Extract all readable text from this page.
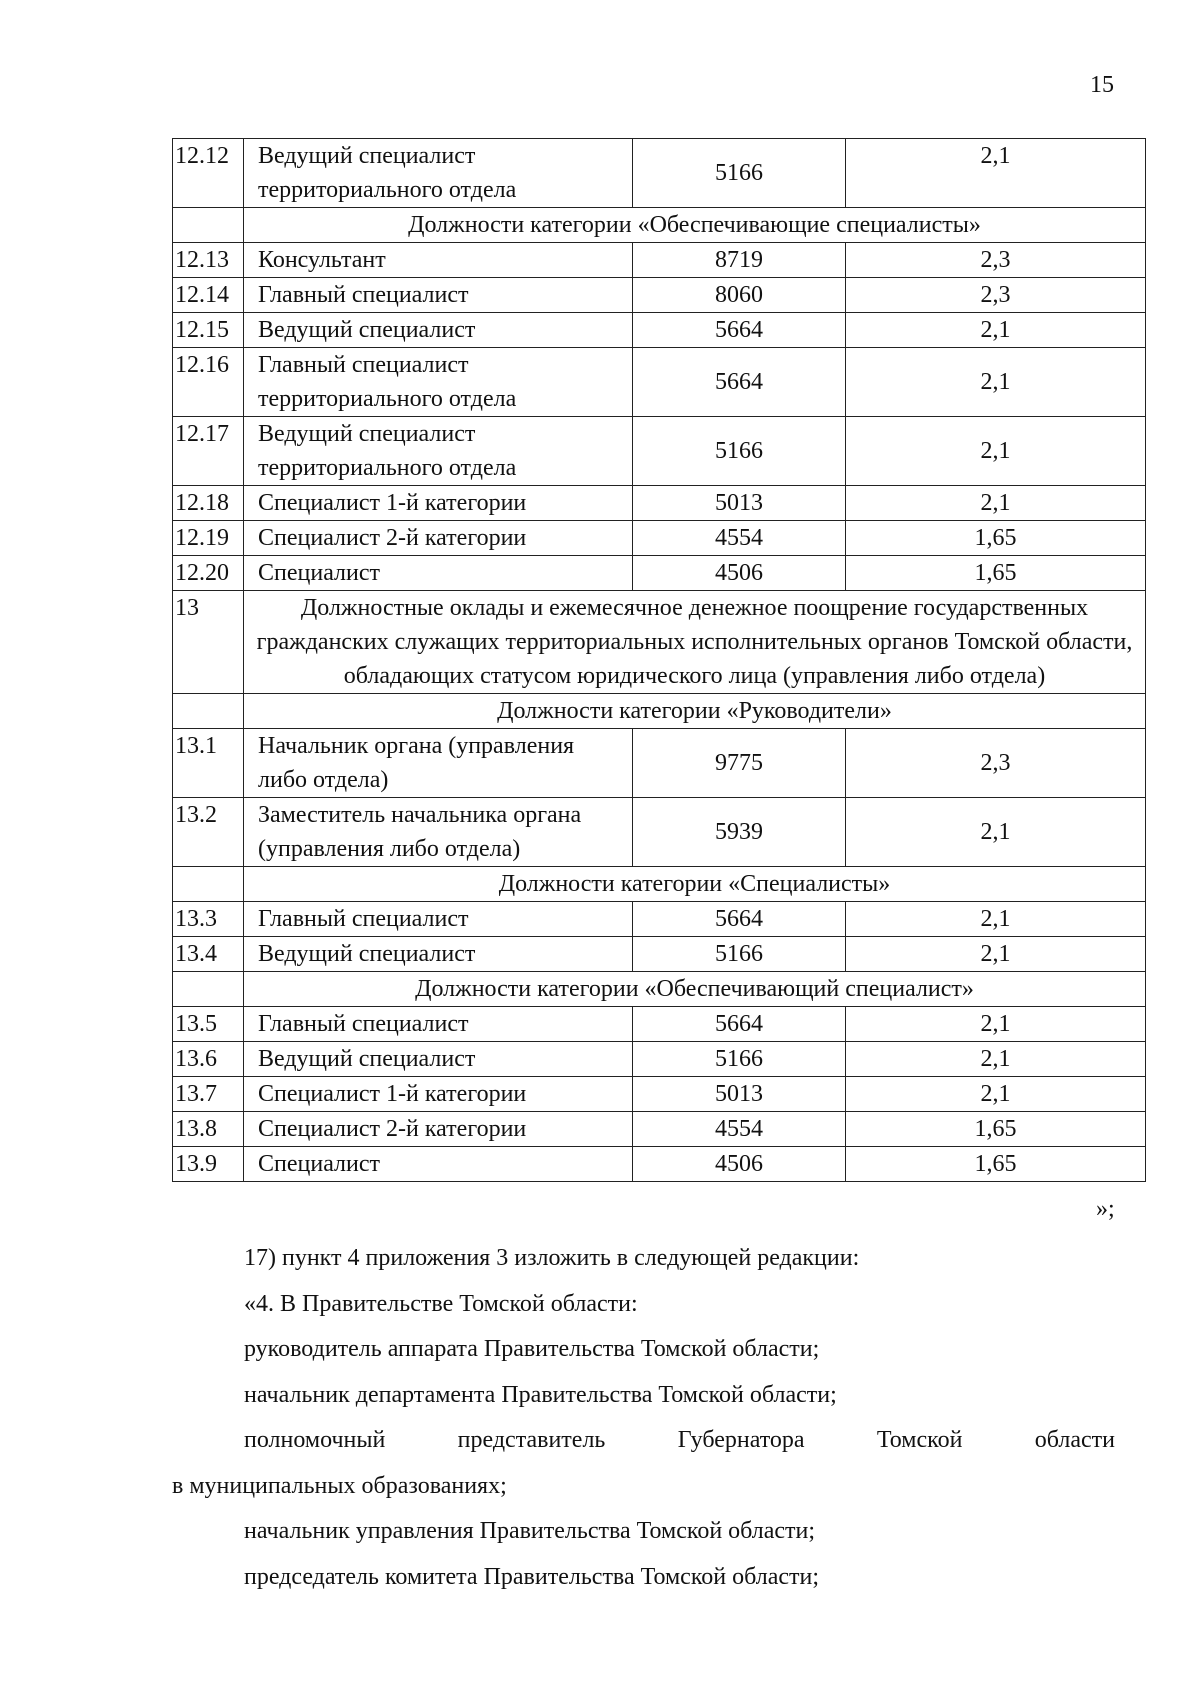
15
12.12	Ведущий специалист территориального отдела	5166	2,1
	Должности категории «Обеспечивающие специалисты»		
12.13	Консультант	8719	2,3
12.14	Главный специалист	8060	2,3
12.15	Ведущий специалист	5664	2,1
12.16	Главный специалист территориального отдела	5664	2,1
12.17	Ведущий специалист территориального отдела	5166	2,1
12.18	Специалист 1-й категории	5013	2,1
12.19	Специалист 2-й категории	4554	1,65
12.20	Специалист	4506	1,65
13	Должностные оклады и ежемесячное денежное поощрение государственных гражданских служащих территориальных исполнительных органов Томской области, обладающих статусом юридического лица (управления либо отдела)		
	Должности категории «Руководители»		
13.1	Начальник органа (управления либо отдела)	9775	2,3
13.2	Заместитель начальника органа (управления либо отдела)	5939	2,1
	Должности категории «Специалисты»		
13.3	Главный специалист	5664	2,1
13.4	Ведущий специалист	5166	2,1
	Должности категории «Обеспечивающий специалист»		
13.5	Главный специалист	5664	2,1
13.6	Ведущий специалист	5166	2,1
13.7	Специалист 1-й категории	5013	2,1
13.8	Специалист 2-й категории	4554	1,65
13.9	Специалист	4506	1,65
»;
17) пункт 4 приложения 3 изложить в следующей редакции:
«4. В Правительстве Томской области:
руководитель аппарата Правительства Томской области;
начальник департамента Правительства Томской области;
полномочный	представитель	Губернатора	Томской	области
в муниципальных образованиях;
начальник управления Правительства Томской области;
председатель комитета Правительства Томской области;
